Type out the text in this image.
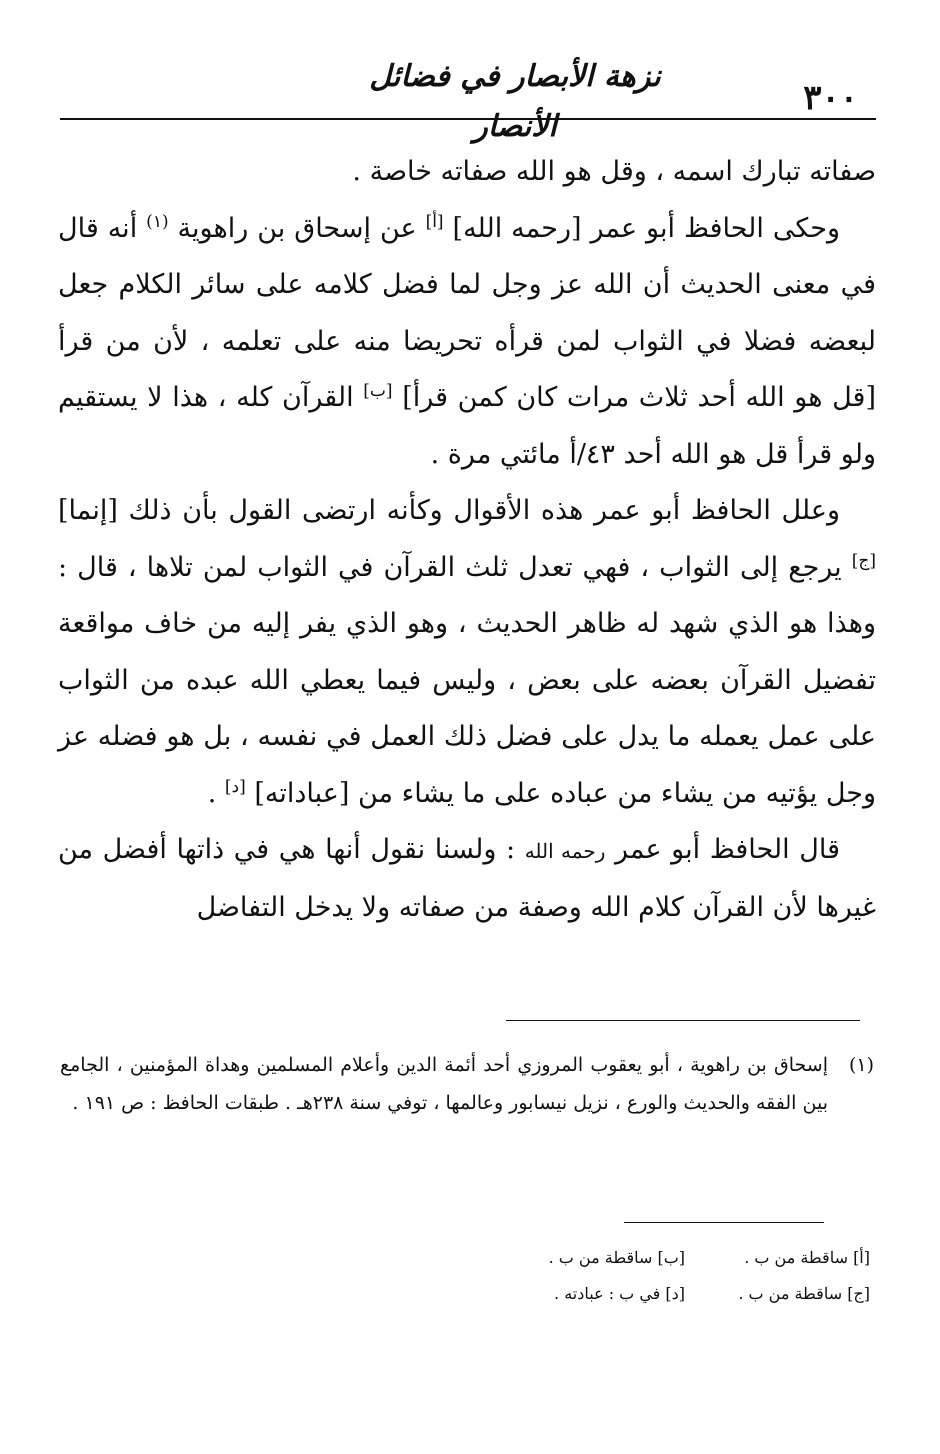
نزهة الأبصار في فضائل الأنصار
٣٠٠

صفاته تبارك اسمه ، وقل هو الله صفاته خاصة .

وحكى الحافظ أبو عمر [رحمه الله] [أ] عن إسحاق بن راهوية $^{(١)}$ أنه قال في معنى الحديث أن الله عز وجل لما فضل كلامه على سائر الكلام جعل لبعضه فضلا في الثواب لمن قرأه تحريضا منه على تعلمه ، لأن من قرأ [قل هو الله أحد ثلاث مرات كان كمن قرأ] [ب] القرآن كله ، هذا لا يستقيم ولو قرأ قل هو الله أحد ٤٣/أ مائتي مرة .

وعلل الحافظ أبو عمر هذه الأقوال وكأنه ارتضى القول بأن ذلك [إنما] [ج] يرجع إلى الثواب ، فهي تعدل ثلث القرآن في الثواب لمن تلاها ، قال : وهذا هو الذي شهد له ظاهر الحديث ، وهو الذي يفر إليه من خاف مواقعة تفضيل القرآن بعضه على بعض ، وليس فيما يعطي الله عبده من الثواب على عمل يعمله ما يدل على فضل ذلك العمل في نفسه ، بل هو فضله عز وجل يؤتيه من يشاء من عباده على ما يشاء من [عباداته] [د] .

قال الحافظ أبو عمر رحمه الله : ولسنا نقول أنها هي في ذاتها أفضل من غيرها لأن القرآن كلام الله وصفة من صفاته ولا يدخل التفاضل

(١)إسحاق بن راهوية ، أبو يعقوب المروزي أحد أئمة الدين وأعلام المسلمين وهداة المؤمنين ، الجامع بين الفقه والحديث والورع ، نزيل نيسابور وعالمها ، توفي سنة ٢٣٨هـ . طبقات الحافظ : ص ١٩١ .
[أ] ساقطة من ب .
[ب] ساقطة من ب .
[ج] ساقطة من ب .
[د] في ب : عبادته .
